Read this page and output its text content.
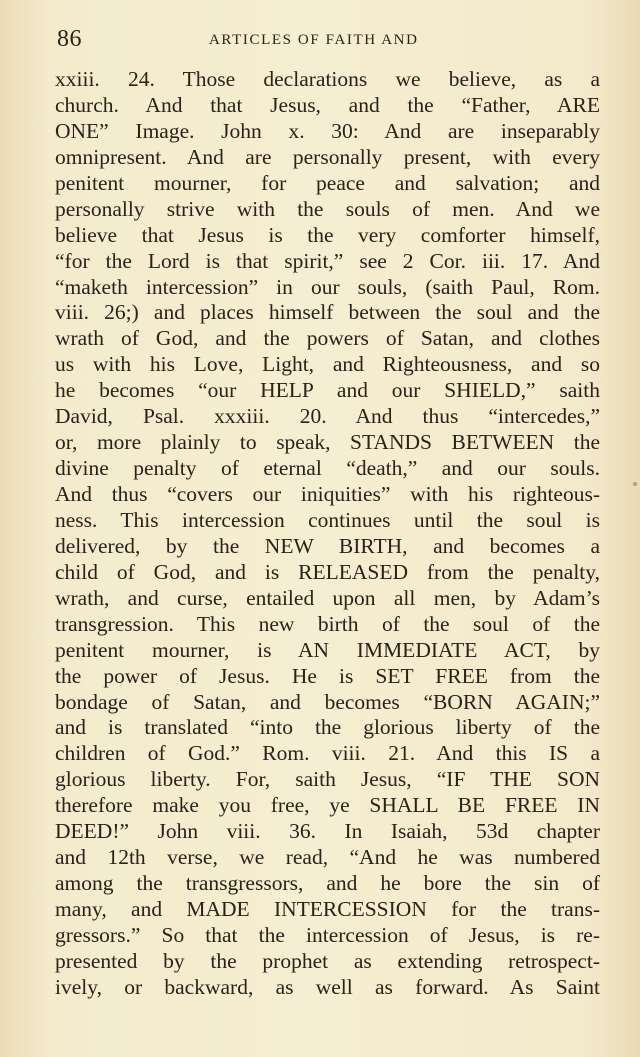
86	ARTICLES OF FAITH AND
xxiii. 24. Those declarations we believe, as a
church. And that Jesus, and the “Father, ARE
ONE” Image. John x. 30: And are inseparably
omnipresent. And are personally present, with every
penitent mourner, for peace and salvation; and
personally strive with the souls of men. And we
believe that Jesus is the very comforter himself,
“for the Lord is that spirit,” see 2 Cor. iii. 17. And
“maketh intercession” in our souls, (saith Paul, Rom.
viii. 26;) and places himself between the soul and the
wrath of God, and the powers of Satan, and clothes
us with his Love, Light, and Righteousness, and so
he becomes “our HELP and our SHIELD,” saith
David, Psal. xxxiii. 20. And thus “intercedes,”
or, more plainly to speak, STANDS BETWEEN the
divine penalty of eternal “death,” and our souls.
And thus “covers our iniquities” with his righteous-
ness. This intercession continues until the soul is
delivered, by the NEW BIRTH, and becomes a
child of God, and is RELEASED from the penalty,
wrath, and curse, entailed upon all men, by Adam’s
transgression. This new birth of the soul of the
penitent mourner, is AN IMMEDIATE ACT, by
the power of Jesus. He is SET FREE from the
bondage of Satan, and becomes “BORN AGAIN;”
and is translated “into the glorious liberty of the
children of God.” Rom. viii. 21. And this IS a
glorious liberty. For, saith Jesus, “IF THE SON
therefore make you free, ye SHALL BE FREE IN
DEED!” John viii. 36. In Isaiah, 53d chapter
and 12th verse, we read, “And he was numbered
among the transgressors, and he bore the sin of
many, and MADE INTERCESSION for the trans-
gressors.” So that the intercession of Jesus, is re-
presented by the prophet as extending retrospect-
ively, or backward, as well as forward. As Saint
